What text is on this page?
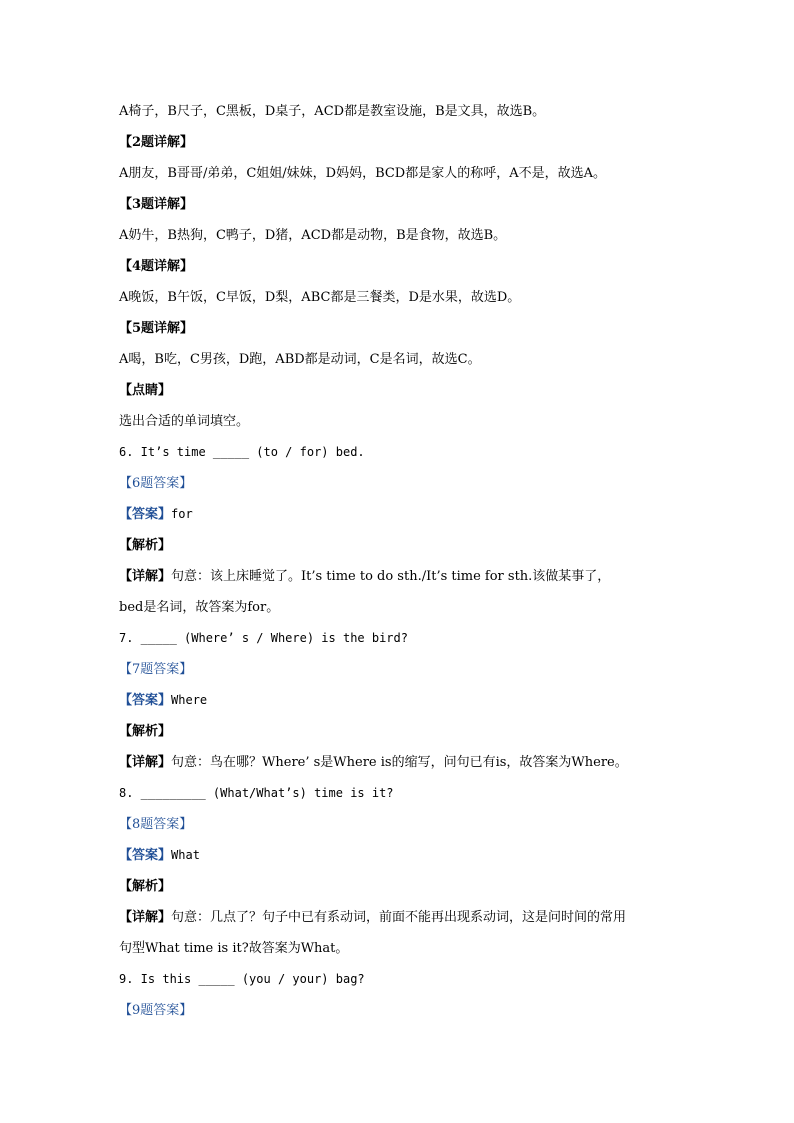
A椅子，B尺子，C黑板，D桌子，ACD都是教室设施，B是文具，故选B。
【2题详解】
A朋友，B哥哥/弟弟，C姐姐/妹妹，D妈妈，BCD都是家人的称呼，A不是，故选A。
【3题详解】
A奶牛，B热狗，C鸭子，D猪，ACD都是动物，B是食物，故选B。
【4题详解】
A晚饭，B午饭，C早饭，D梨，ABC都是三餐类，D是水果，故选D。
【5题详解】
A喝，B吃，C男孩，D跑，ABD都是动词，C是名词，故选C。
【点睛】
选出合适的单词填空。
6. It’s time _____ (to / for) bed.
【6题答案】
【答案】for
【解析】
【详解】句意：该上床睡觉了。It’s time to do sth./It’s time for sth.该做某事了，
bed是名词，故答案为for。
7. _____ (Where’ s / Where) is the bird?
【7题答案】
【答案】Where
【解析】
【详解】句意：鸟在哪？Where’ s是Where is的缩写，问句已有is，故答案为Where。
8. _________ (What/What’s) time is it?
【8题答案】
【答案】What
【解析】
【详解】句意：几点了？句子中已有系动词，前面不能再出现系动词，这是问时间的常用
句型What time is it?故答案为What。
9. Is this _____ (you / your) bag?
【9题答案】
